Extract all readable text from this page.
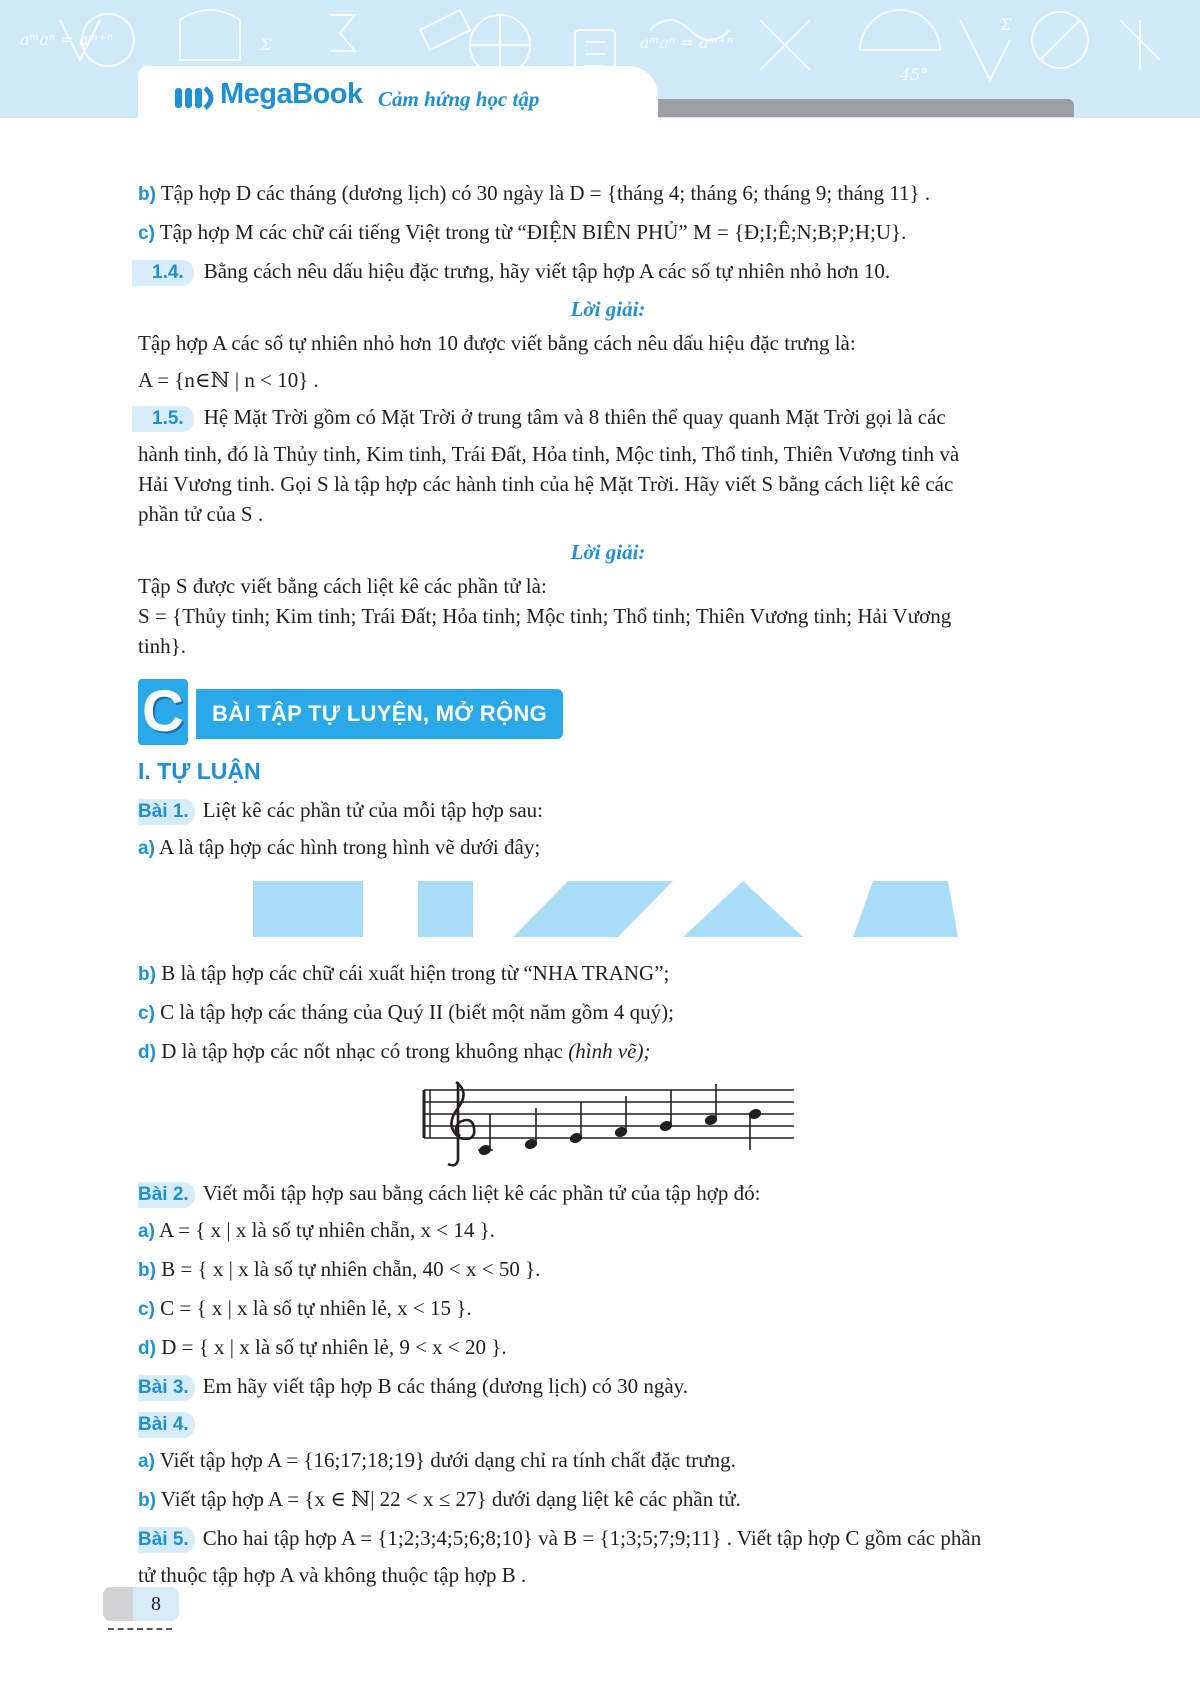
aᵐaⁿ = aᵐ⁺ⁿ	aᵐaⁿ = aᵐ⁺ⁿ
45°
Σ
Σ
MegaBook Cảm hứng học tập

b) Tập hợp D các tháng (dương lịch) có 30 ngày là D = {tháng 4; tháng 6; tháng 9; tháng 11} .

c) Tập hợp M các chữ cái tiếng Việt trong từ “ĐIỆN BIÊN PHỦ” M = {Đ;I;Ê;N;B;P;H;U}.

1.4. Bằng cách nêu dấu hiệu đặc trưng, hãy viết tập hợp A các số tự nhiên nhỏ hơn 10.

Lời giải:

Tập hợp A các số tự nhiên nhỏ hơn 10 được viết bằng cách nêu dấu hiệu đặc trưng là:

A = {n∈ℕ | n < 10} .

1.5. Hệ Mặt Trời gồm có Mặt Trời ở trung tâm và 8 thiên thể quay quanh Mặt Trời gọi là các

hành tinh, đó là Thủy tinh, Kim tinh, Trái Đất, Hỏa tinh, Mộc tinh, Thổ tinh, Thiên Vương tinh và

Hải Vương tinh. Gọi S là tập hợp các hành tinh của hệ Mặt Trời. Hãy viết S bằng cách liệt kê các

phần tử của S .

Lời giải:

Tập S được viết bằng cách liệt kê các phần tử là:

S = {Thủy tinh; Kim tinh; Trái Đất; Hỏa tinh; Mộc tinh; Thổ tinh; Thiên Vương tinh; Hải Vương

tinh}.

C	BÀI TẬP TỰ LUYỆN, MỞ RỘNG

I. TỰ LUẬN

Bài 1. Liệt kê các phần tử của mỗi tập hợp sau:

a) A là tập hợp các hình trong hình vẽ dưới đây;

b) B là tập hợp các chữ cái xuất hiện trong từ “NHA TRANG”;

c) C là tập hợp các tháng của Quý II (biết một năm gồm 4 quý);

d) D là tập hợp các nốt nhạc có trong khuông nhạc (hình vẽ);

Bài 2. Viết mỗi tập hợp sau bằng cách liệt kê các phần tử của tập hợp đó:

a) A = { x | x là số tự nhiên chẵn, x < 14 }.

b) B = { x | x là số tự nhiên chẵn, 40 < x < 50 }.

c) C = { x | x là số tự nhiên lẻ, x < 15 }.

d) D = { x | x là số tự nhiên lẻ, 9 < x < 20 }.

Bài 3. Em hãy viết tập hợp B các tháng (dương lịch) có 30 ngày.

Bài 4.

a) Viết tập hợp A = {16;17;18;19} dưới dạng chỉ ra tính chất đặc trưng.

b) Viết tập hợp A = {x ∈ ℕ| 22 < x ≤ 27} dưới dạng liệt kê các phần tử.

Bài 5. Cho hai tập hợp A = {1;2;3;4;5;6;8;10} và B = {1;3;5;7;9;11} . Viết tập hợp C gồm các phần

tử thuộc tập hợp A và không thuộc tập hợp B .

8
